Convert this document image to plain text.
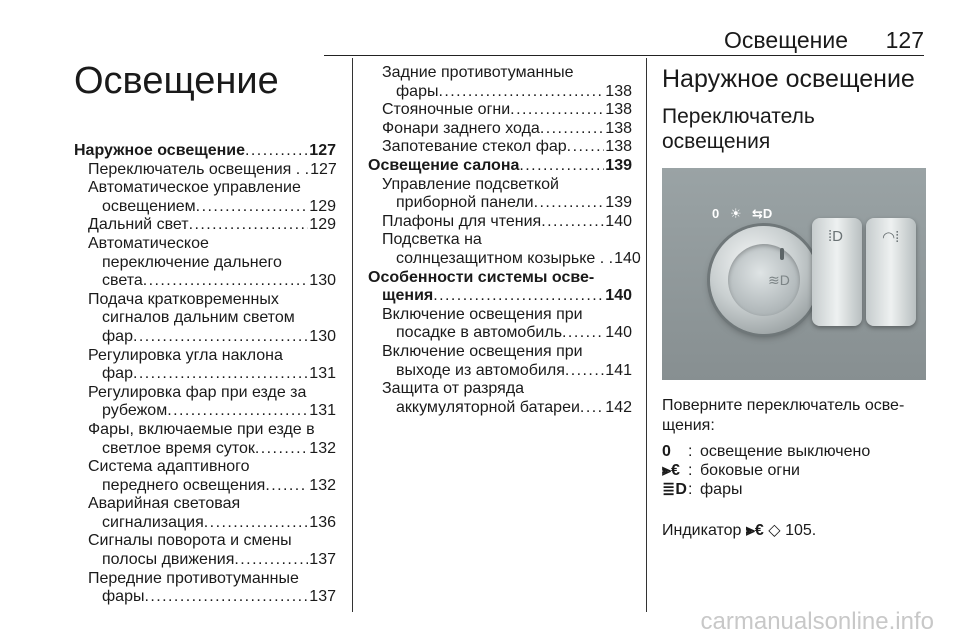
Освещение 127
Освещение
Наружное освещение . . .	127
Переключатель освещения . . 127
Автоматическое управление
освещением . . .	129
Дальний свет . . .	129
Автоматическое
переключение дальнего
света . . .	130
Подача кратковременных
сигналов дальним светом
фар . . .	130
Регулировка угла наклона
фар . . .	131
Регулировка фар при езде за
рубежом . . .	131
Фары, включаемые при езде в
светлое время суток . . .	132
Система адаптивного
переднего освещения . . .	132
Аварийная световая
сигнализация . . .	136
Сигналы поворота и смены
полосы движения . . .	137
Передние противотуманные
фары . . .	137
Задние противотуманные
фары . . .	138
Стояночные огни . . .	138
Фонари заднего хода . . .	138
Запотевание стекол фар . . . 138
Освещение салона . . .	139
Управление подсветкой
приборной панели . . .	139
Плафоны для чтения . . .	140
Подсветка на
солнцезащитном козырьке . . 140
Особенности системы осве-
щения . . .	140
Включение освещения при
посадке в автомобиль . . .	140
Включение освещения при
выходе из автомобиля . . .	141
Защита от разряда
аккумуляторной батареи . . . 142
Наружное освещение
Переключатель
освещения
0 ☀ ⇆D
≋D
⁞D	◠⁞

Поверните переключатель осве-щения:

0	: освещение выключено
⫸€ : боковые огни
≣D : фары
Индикатор ⫸€ ◇ 105.
carmanualsonline.info
